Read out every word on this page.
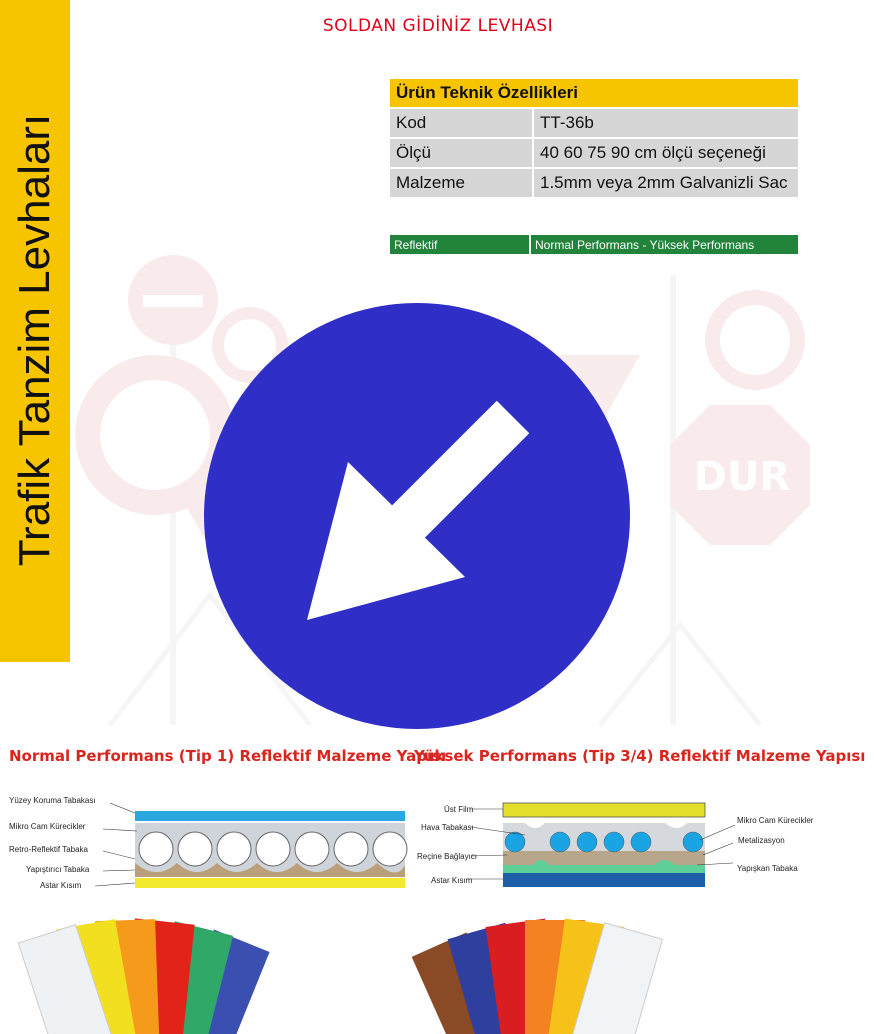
Trafik Tanzim Levhaları
SOLDAN GİDİNİZ LEVHASI
DUR
Ürün Teknik Özellikleri	
Kod	TT-36b
Ölçü	40 60 75 90 cm ölçü seçeneği
Malzeme	1.5mm veya 2mm Galvanizli Sac
Reflektif	Normal Performans - Yüksek Performans
Normal Performans (Tip 1) Reflektif Malzeme Yapısı
Yüksek Performans (Tip 3/4) Reflektif Malzeme Yapısı
Yüzey Koruma Tabakası
Mikro Cam Kürecikler
Retro-Reflektif Tabaka
Yapıştırıcı Tabaka
Astar Kısım
Üst Film
Hava Tabakası
Reçine Bağlayıcı
Astar Kısım
Mikro Cam Kürecikler
Metalizasyon
Yapışkan Tabaka
